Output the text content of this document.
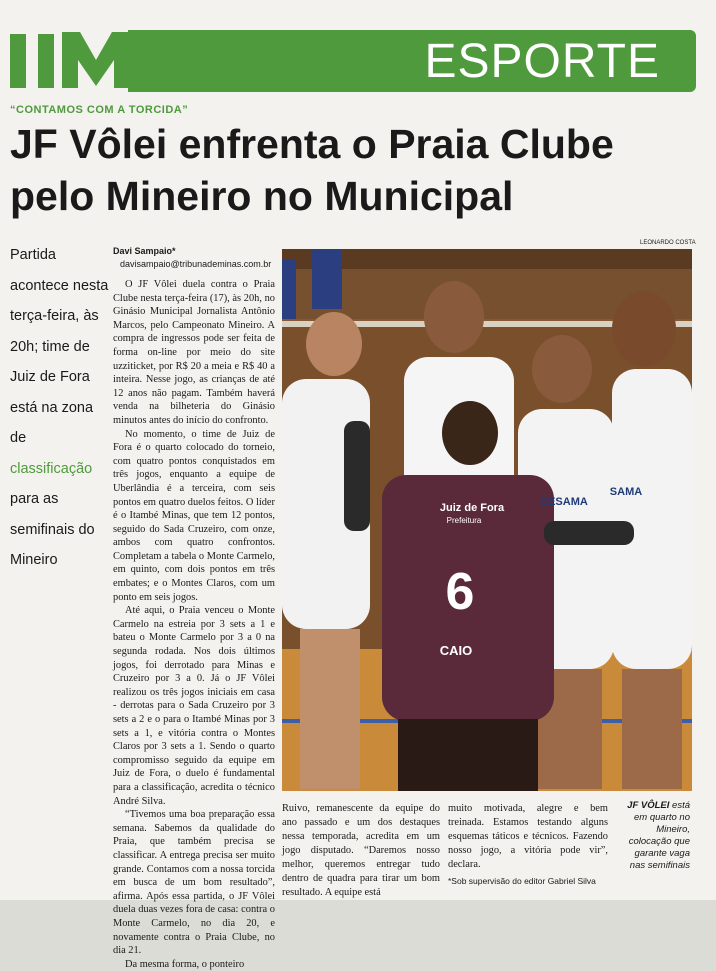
ESPORTE
“CONTAMOS COM A TORCIDA”
JF Vôlei enfrenta o Praia Clube
pelo Mineiro no Municipal
Partida acontece nesta terça-feira, às 20h; time de Juiz de Fora está na zona de classificação para as semifinais do Mineiro
Davi Sampaio*
davisampaio@tribunademinas.com.br

O JF Vôlei duela contra o Praia Clube nesta terça-feira (17), às 20h, no Ginásio Municipal Jornalista Antônio Marcos, pelo Campeonato Mineiro. A compra de ingressos pode ser feita de forma on-line por meio do site uzziticket, por R$ 20 a meia e R$ 40 a inteira. Nesse jogo, as crianças de até 12 anos não pagam. Também haverá venda na bilheteria do Ginásio minutos antes do início do confronto.

No momento, o time de Juiz de Fora é o quarto colocado do torneio, com quatro pontos conquistados em três jogos, enquanto a equipe de Uberlândia é a terceira, com seis pontos em quatro duelos feitos. O líder é o Itambé Minas, que tem 12 pontos, seguido do Sada Cruzeiro, com onze, ambos com quatro confrontos. Completam a tabela o Monte Carmelo, em quinto, com dois pontos em três embates; e o Montes Claros, com um ponto em seis jogos.

Até aqui, o Praia venceu o Monte Carmelo na estreia por 3 sets a 1 e bateu o Monte Carmelo por 3 a 0 na segunda rodada. Nos dois últimos jogos, foi derrotado para Minas e Cruzeiro por 3 a 0. Já o JF Vôlei realizou os três jogos iniciais em casa - derrotas para o Sada Cruzeiro por 3 sets a 2 e o para o Itambé Minas por 3 sets a 1, e vitória contra o Montes Claros por 3 sets a 1. Sendo o quarto compromisso seguido da equipe em Juiz de Fora, o duelo é fundamental para a classificação, acredita o técnico André Silva.

“Tivemos uma boa preparação essa semana. Sabemos da qualidade do Praia, que também precisa se classificar. A entrega precisa ser muito grande. Contamos com a nossa torcida em busca de um bom resultado”, afirma. Após essa partida, o JF Vôlei duela duas vezes fora de casa: contra o Monte Carmelo, no dia 20, e novamente contra o Praia Clube, no dia 21.

Da mesma forma, o ponteiro

LEONARDO COSTA
Juiz de Fora
Prefeitura
6
CAIO
CESAMA
SAMA

Ruivo, remanescente da equipe do ano passado e um dos destaques nessa temporada, acredita em um jogo disputado. “Daremos nosso melhor, queremos entregar tudo dentro de quadra para tirar um bom resultado. A equipe está

muito motivada, alegre e bem treinada. Estamos testando alguns esquemas táticos e técnicos. Fazendo nosso jogo, a vitória pode vir”, declara.

*Sob supervisão do editor Gabriel Silva

JF VÔLEI está em quarto no Mineiro, colocação que garante vaga nas semifinais
